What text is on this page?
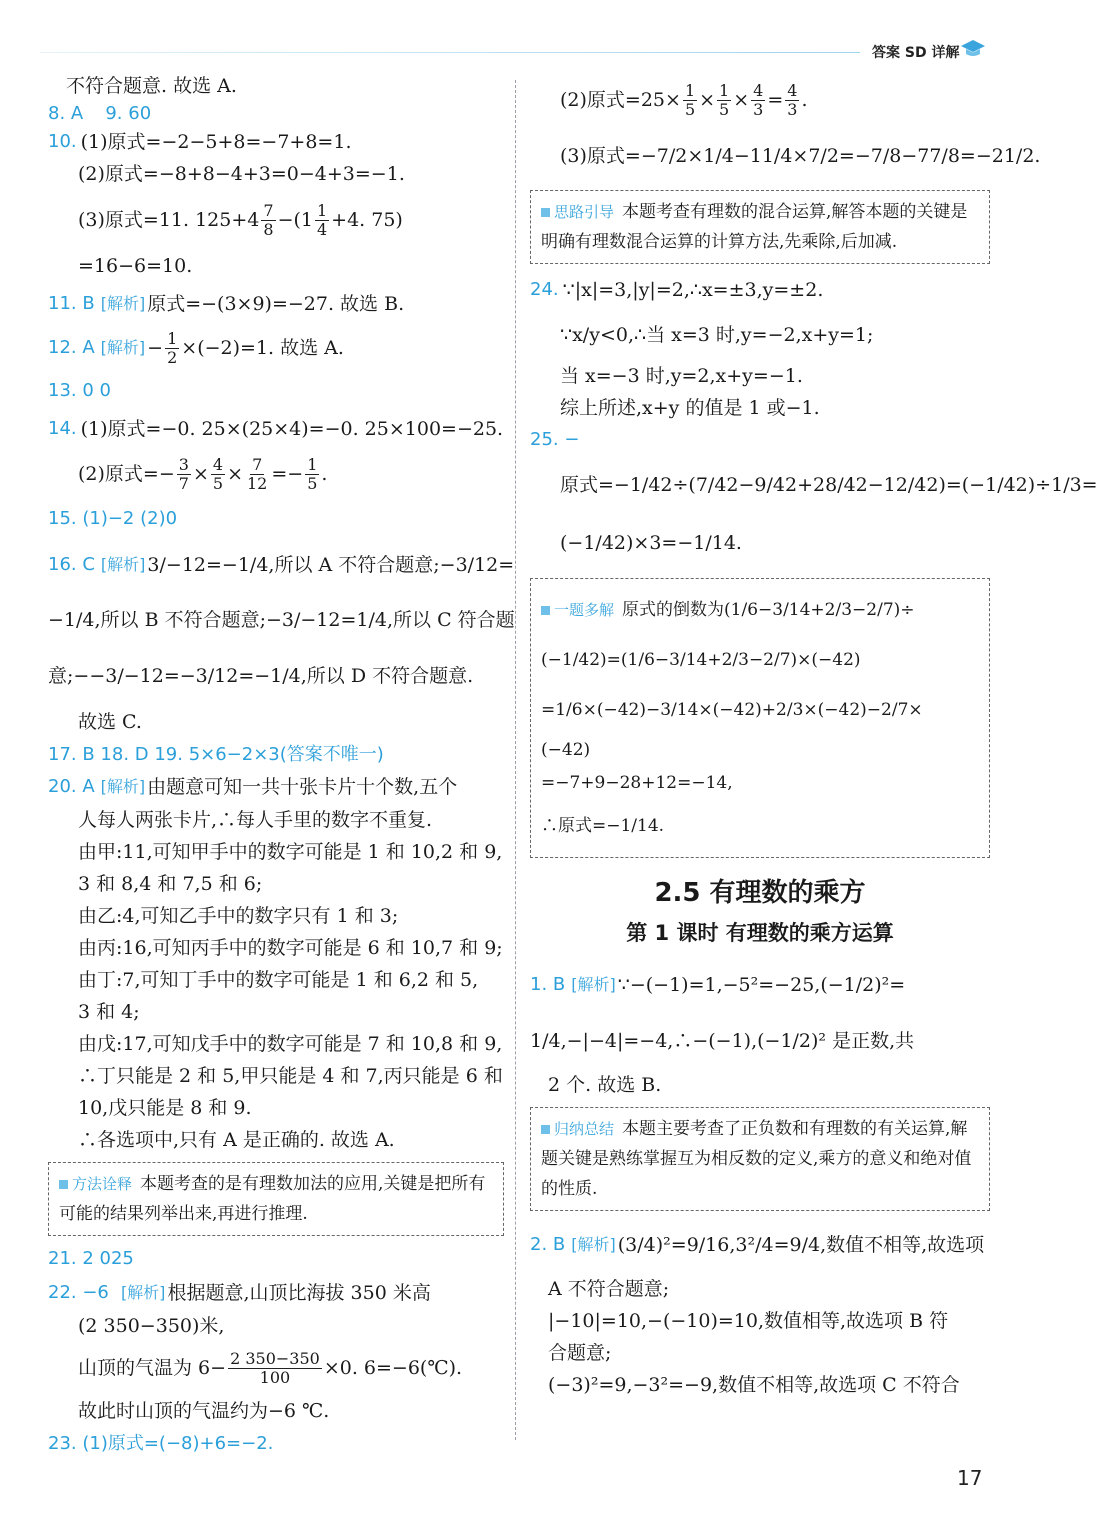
答案 SD 详解
不符合题意. 故选 A.
8. A
9. 60
10. (1)原式=−2−5+8=−7+8=1.
(2)原式=−8+8−4+3=0−4+3=−1.
(3)原式=11. $125+4 \frac{7}{8} -(1 \frac{1}{4} +4$. 75)
=16−6=10.
11. B [解析] 原式=−(3×9)=−27. 故选 B.
12. A [解析] − $\frac{1}{2} \times(-2)=1$. 故选 A.
13. 0 0
14. (1)原式=−0. 25×(25×4)=−0. 25×100=−25.
(2)原式=− $\frac{3}{7} \times \frac{4}{5} \times \frac{7}{12} =- \frac{1}{5}$ .
15. (1)−2 (2)0
16. C [解析] 3/−12=−1/4,所以 A 不符合题意;−3/12=
−1/4,所以 B 不符合题意;−3/−12=1/4,所以 C 符合题
意;−−3/−12=−3/12=−1/4,所以 D 不符合题意.
故选 C.
17. B 18. D 19. 5×6−2×3(答案不唯一)
20. A [解析] 由题意可知一共十张卡片十个数,五个
人每人两张卡片,∴每人手里的数字不重复.
由甲:11,可知甲手中的数字可能是 1 和 10,2 和 9,
3 和 8,4 和 7,5 和 6;
由乙:4,可知乙手中的数字只有 1 和 3;
由丙:16,可知丙手中的数字可能是 6 和 10,7 和 9;
由丁:7,可知丁手中的数字可能是 1 和 6,2 和 5,
3 和 4;
由戊:17,可知戊手中的数字可能是 7 和 10,8 和 9,
∴丁只能是 2 和 5,甲只能是 4 和 7,丙只能是 6 和
10,戊只能是 8 和 9.
∴各选项中,只有 A 是正确的. 故选 A.
方法诠释 本题考查的是有理数加法的应用,关键是把所有可能的结果列举出来,再进行推理.
21. 2 025
22. −6
[解析] 根据题意,山顶比海拔 350 米高
(2 350−350)米,
山顶的气温为 $6- \frac{2 350-350}{100} \times 0$. 6=−6(℃).
故此时山顶的气温约为−6 ℃.
23. (1)原式=(−8)+6=−2.
(2)原式$=25\times \frac{1}{5} \times \frac{1}{5} \times \frac{4}{3} = \frac{4}{3}$ .
(3)原式=−7/2×1/4−11/4×7/2=−7/8−77/8=−21/2.
思路引导 本题考查有理数的混合运算,解答本题的关键是明确有理数混合运算的计算方法,先乘除,后加减.
24. ∵|x|=3,|y|=2,∴x=±3,y=±2.
∵x/y<0,∴当 x=3 时,y=−2,x+y=1;
当 x=−3 时,y=2,x+y=−1.
综上所述,x+y 的值是 1 或−1.
25. −
原式=−1/42÷(7/42−9/42+28/42−12/42)=(−1/42)÷1/3=
(−1/42)×3=−1/14.
一题多解 原式的倒数为(1/6−3/14+2/3−2/7)÷
(−1/42)=(1/6−3/14+2/3−2/7)×(−42)
=1/6×(−42)−3/14×(−42)+2/3×(−42)−2/7×
(−42)
=−7+9−28+12=−14,
∴原式=−1/14.
2.5 有理数的乘方
第 1 课时 有理数的乘方运算
1. B [解析] ∵−(−1)=1,−5²=−25,(−1/2)²=
1/4,−|−4|=−4,∴−(−1),(−1/2)² 是正数,共
2 个. 故选 B.
归纳总结 本题主要考查了正负数和有理数的有关运算,解题关键是熟练掌握互为相反数的定义,乘方的意义和绝对值的性质.
2. B [解析] (3/4)²=9/16,3²/4=9/4,数值不相等,故选项
A 不符合题意;
|−10|=10,−(−10)=10,数值相等,故选项 B 符
合题意;
(−3)²=9,−3²=−9,数值不相等,故选项 C 不符合
17
